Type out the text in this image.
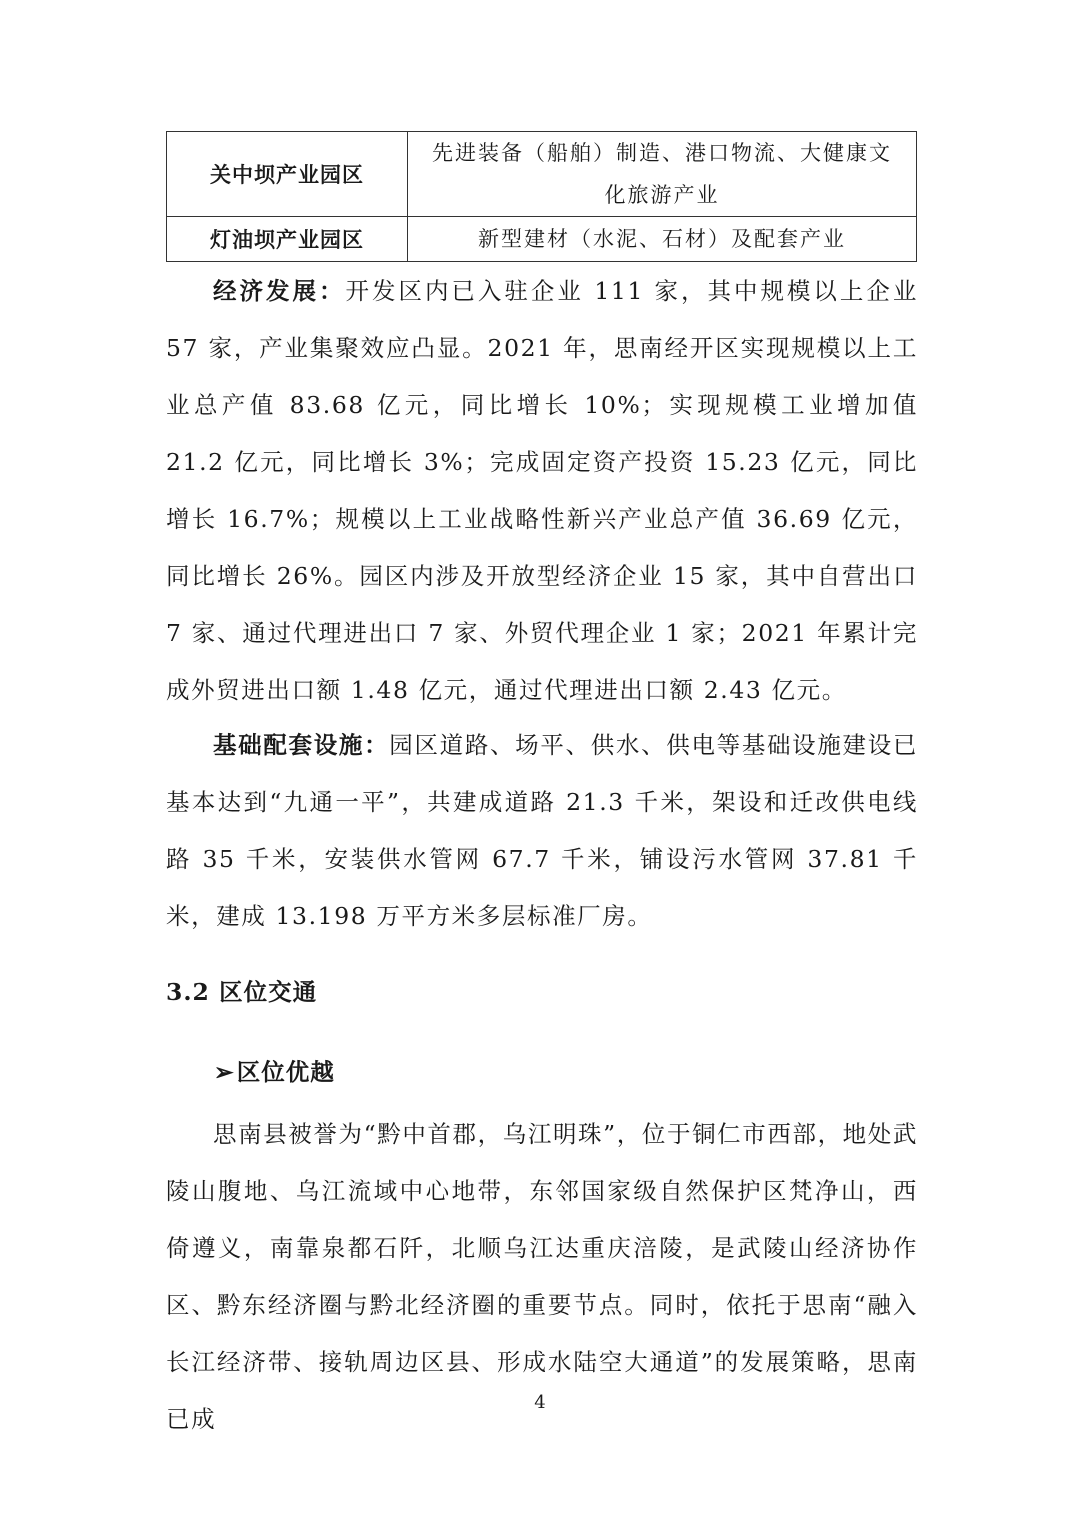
关中坝产业园区	先进装备（船舶）制造、港口物流、大健康文化旅游产业

灯油坝产业园区	新型建材（水泥、石材）及配套产业

经济发展：开发区内已入驻企业 111 家，其中规模以上企业 57 家，产业集聚效应凸显。2021 年，思南经开区实现规模以上工业总产值 83.68 亿元，同比增长 10%；实现规模工业增加值 21.2 亿元，同比增长 3%；完成固定资产投资 15.23 亿元，同比增长 16.7%；规模以上工业战略性新兴产业总产值 36.69 亿元，同比增长 26%。园区内涉及开放型经济企业 15 家，其中自营出口 7 家、通过代理进出口 7 家、外贸代理企业 1 家；2021 年累计完成外贸进出口额 1.48 亿元，通过代理进出口额 2.43 亿元。

基础配套设施：园区道路、场平、供水、供电等基础设施建设已基本达到“九通一平”，共建成道路 21.3 千米，架设和迁改供电线路 35 千米，安装供水管网 67.7 千米，铺设污水管网 37.81 千米，建成 13.198 万平方米多层标准厂房。

3.2 区位交通
➢ 区位优越

思南县被誉为“黔中首郡，乌江明珠”，位于铜仁市西部，地处武陵山腹地、乌江流域中心地带，东邻国家级自然保护区梵净山，西倚遵义，南靠泉都石阡，北顺乌江达重庆涪陵，是武陵山经济协作区、黔东经济圈与黔北经济圈的重要节点。同时，依托于思南“融入长江经济带、接轨周边区县、形成水陆空大通道”的发展策略，思南已成

4
